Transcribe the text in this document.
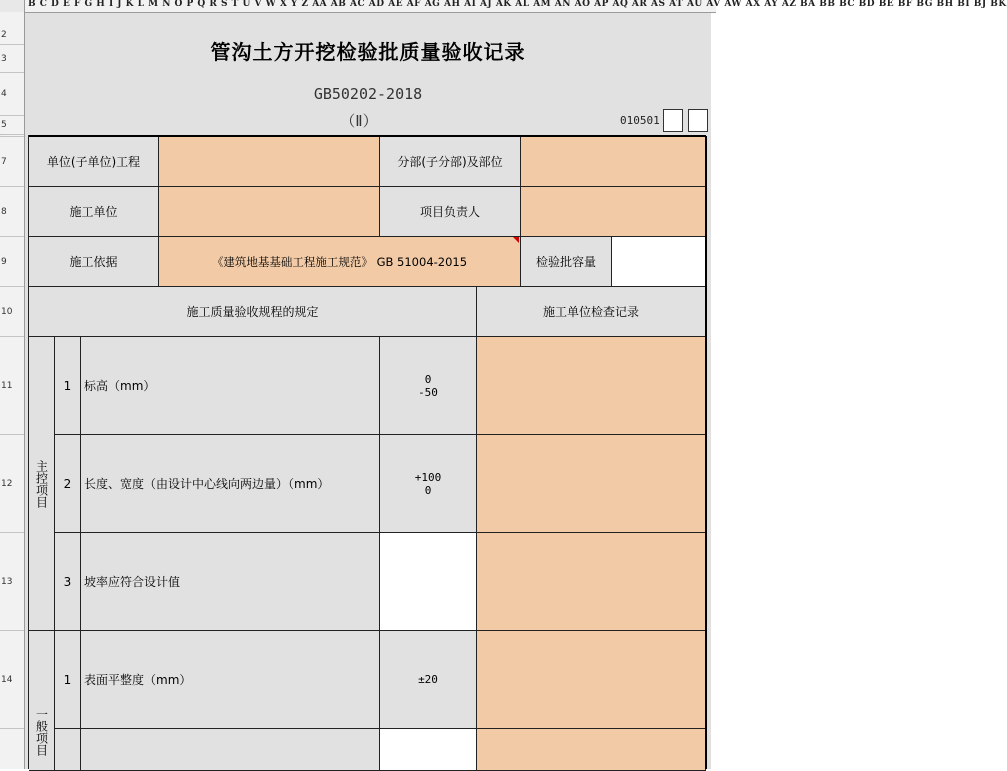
B C D E F G H I J K L M N O P Q R S T U V W X Y Z AA AB AC AD AE AF AG AH AI AJ AK AL AM AN AO AP AQ AR AS AT AU AV AW AX AY AZ BA BB BC BD BE BF BG BH BI BJ BK
2
3
4
5
6
7
8
9
10
11
12
13
14
管沟土方开挖检验批质量验收记录
GB50202-2018
（Ⅱ）	010501
单位(子单位)工程	分部(子分部)及部位
施工单位	项目负责人
施工依据	《建筑地基基础工程施工规范》 GB 51004-2015	检验批容量
施工质量验收规程的规定	施工单位检查记录
主控项目
1	标高（mm）	0
-50
2	长度、宽度（由设计中心线向两边量）（mm）	+100
0
3	坡率应符合设计值
一般项目
1	表面平整度（mm）	±20
